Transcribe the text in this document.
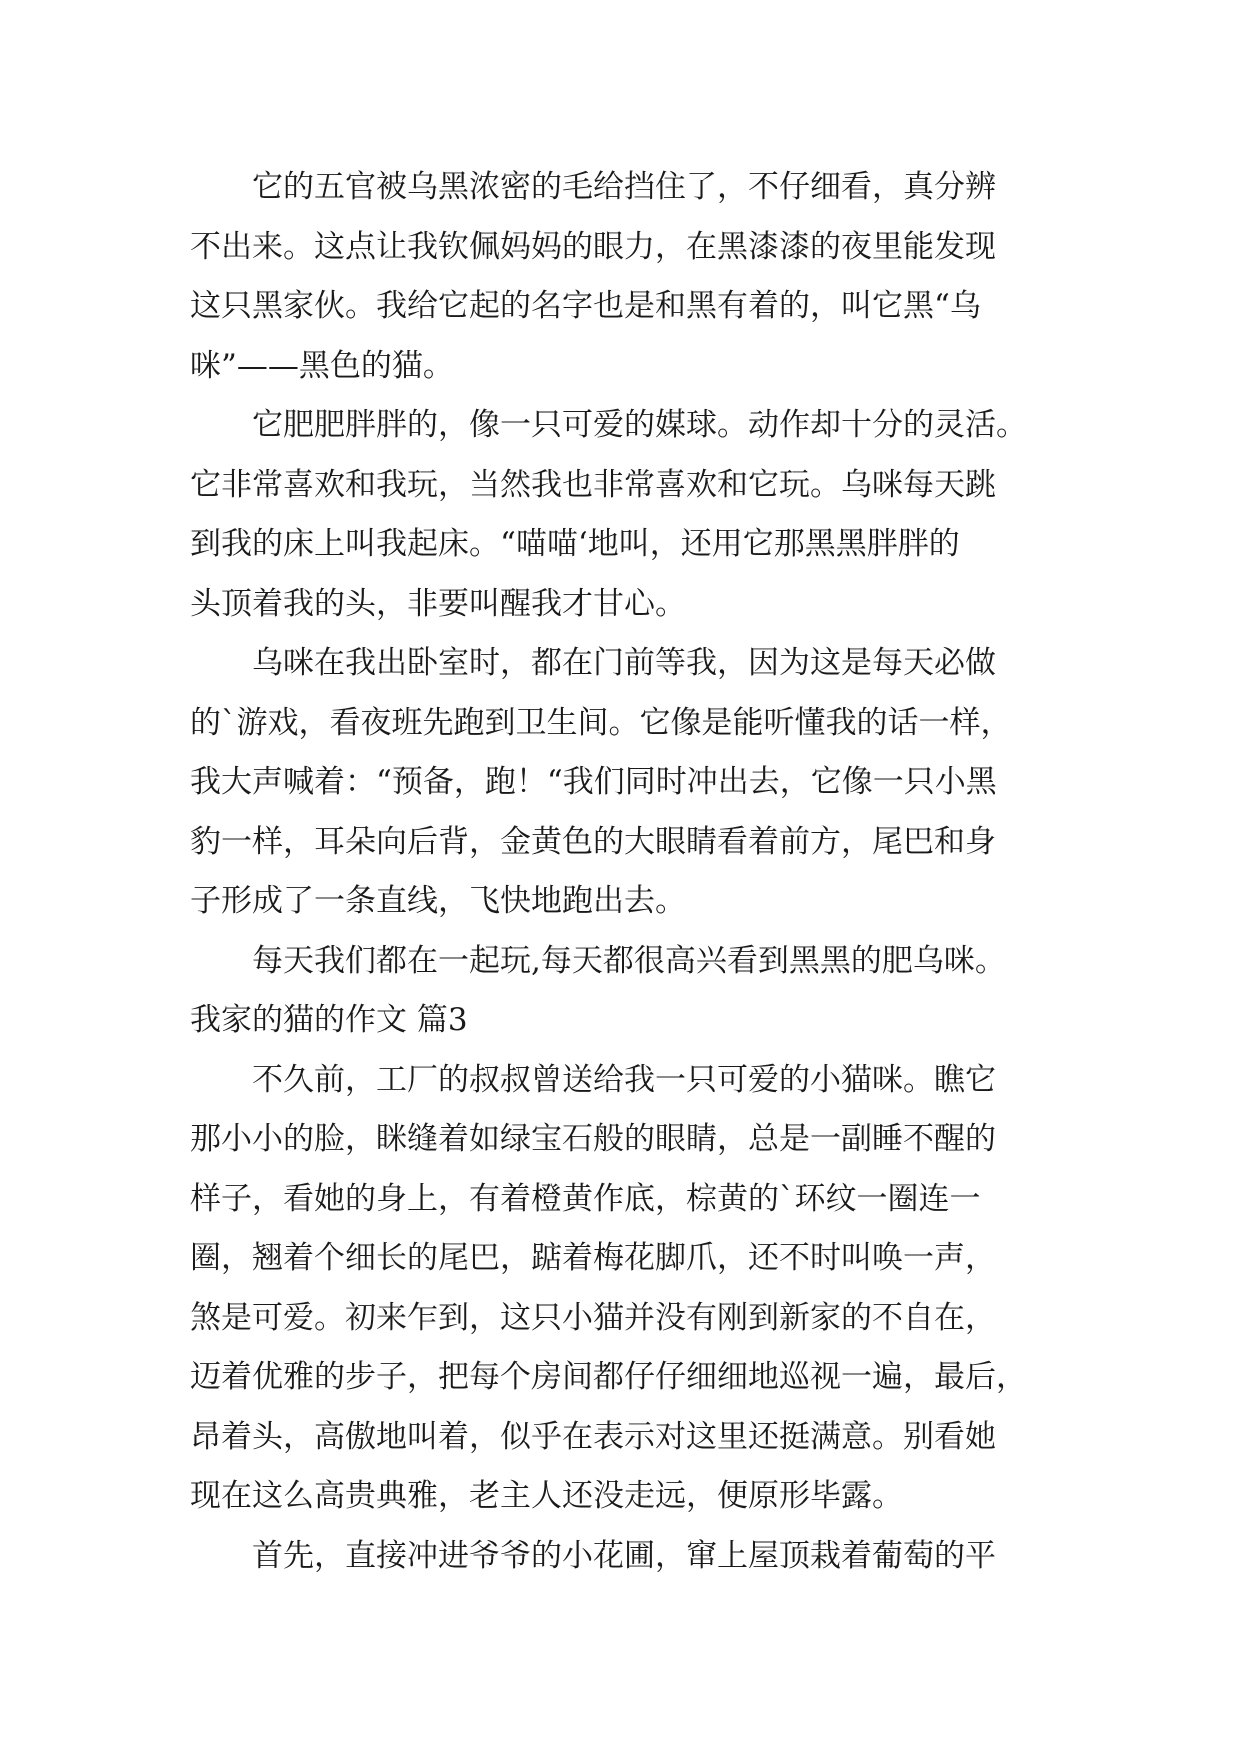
它的五官被乌黑浓密的毛给挡住了，不仔细看，真分辨
不出来。这点让我钦佩妈妈的眼力，在黑漆漆的夜里能发现
这只黑家伙。我给它起的名字也是和黑有着的，叫它黑“乌
咪”——黑色的猫。

它肥肥胖胖的，像一只可爱的媒球。动作却十分的灵活。
它非常喜欢和我玩，当然我也非常喜欢和它玩。乌咪每天跳
到我的床上叫我起床。“喵喵‘地叫，还用它那黑黑胖胖的
头顶着我的头，非要叫醒我才甘心。

乌咪在我出卧室时，都在门前等我，因为这是每天必做
的`游戏，看夜班先跑到卫生间。它像是能听懂我的话一样，
我大声喊着：“预备，跑！“我们同时冲出去，它像一只小黑
豹一样，耳朵向后背，金黄色的大眼睛看着前方，尾巴和身
子形成了一条直线，飞快地跑出去。

每天我们都在一起玩,每天都很高兴看到黑黑的肥乌咪。

我家的猫的作文 篇3

不久前，工厂的叔叔曾送给我一只可爱的小猫咪。瞧它
那小小的脸，眯缝着如绿宝石般的眼睛，总是一副睡不醒的
样子，看她的身上，有着橙黄作底，棕黄的`环纹一圈连一
圈，翘着个细长的尾巴，踮着梅花脚爪，还不时叫唤一声，
煞是可爱。初来乍到，这只小猫并没有刚到新家的不自在，
迈着优雅的步子，把每个房间都仔仔细细地巡视一遍，最后，
昂着头，高傲地叫着，似乎在表示对这里还挺满意。别看她
现在这么高贵典雅，老主人还没走远，便原形毕露。

首先，直接冲进爷爷的小花圃，窜上屋顶栽着葡萄的平
